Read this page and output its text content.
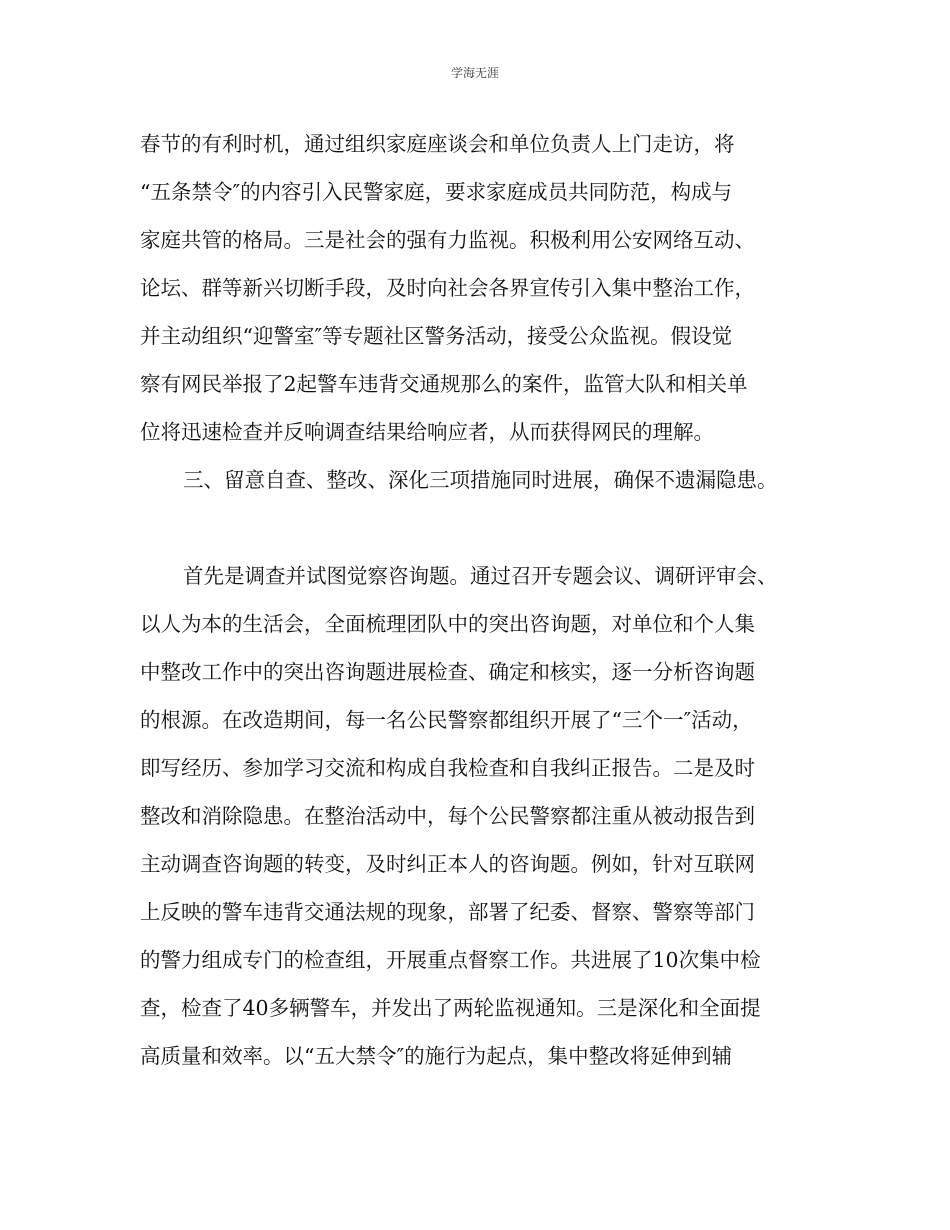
学海无涯
春节的有利时机，通过组织家庭座谈会和单位负责人上门走访，将
“五条禁令″的内容引入民警家庭，要求家庭成员共同防范，构成与
家庭共管的格局。三是社会的强有力监视。积极利用公安网络互动、
论坛、群等新兴切断手段，及时向社会各界宣传引入集中整治工作，
并主动组织“迎警室″等专题社区警务活动，接受公众监视。假设觉
察有网民举报了2起警车违背交通规那么的案件，监管大队和相关单
位将迅速检查并反响调查结果给响应者，从而获得网民的理解。
三、留意自查、整改、深化三项措施同时进展，确保不遗漏隐患。
首先是调查并试图觉察咨询题。通过召开专题会议、调研评审会、
以人为本的生活会，全面梳理团队中的突出咨询题，对单位和个人集
中整改工作中的突出咨询题进展检查、确定和核实，逐一分析咨询题
的根源。在改造期间，每一名公民警察都组织开展了“三个一″活动，
即写经历、参加学习交流和构成自我检查和自我纠正报告。二是及时
整改和消除隐患。在整治活动中，每个公民警察都注重从被动报告到
主动调查咨询题的转变，及时纠正本人的咨询题。例如，针对互联网
上反映的警车违背交通法规的现象，部署了纪委、督察、警察等部门
的警力组成专门的检查组，开展重点督察工作。共进展了10次集中检
查，检查了40多辆警车，并发出了两轮监视通知。三是深化和全面提
高质量和效率。以“五大禁令″的施行为起点，集中整改将延伸到辅
